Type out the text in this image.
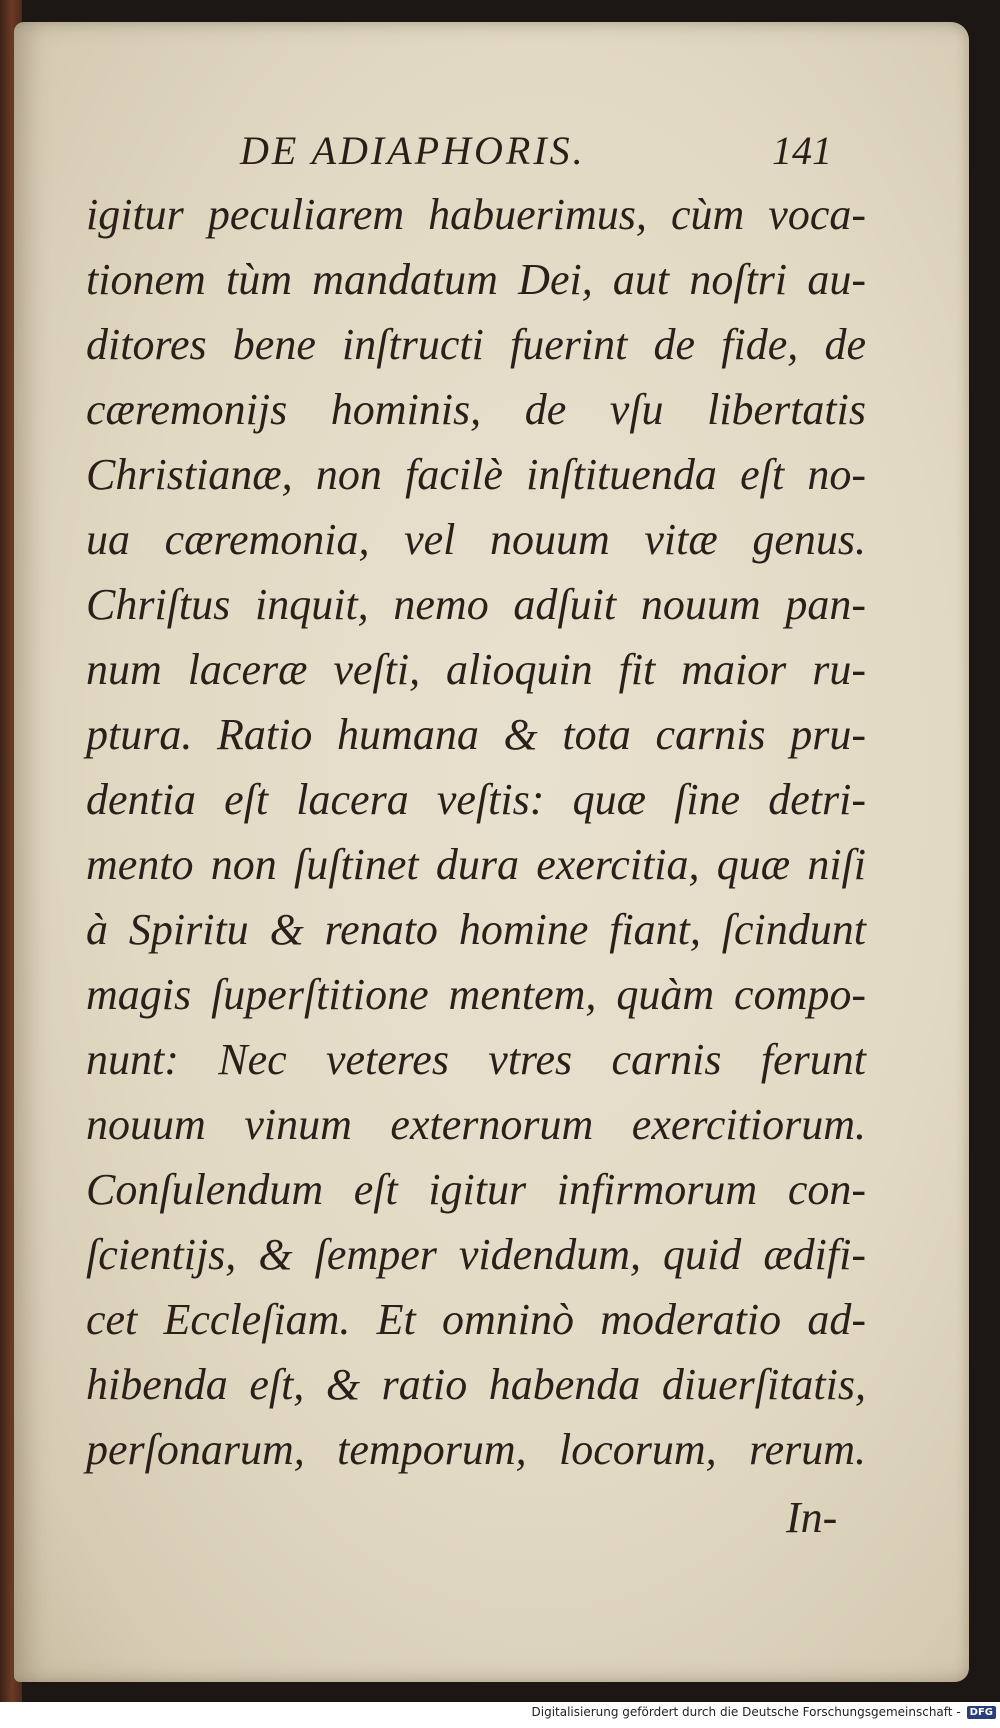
DE ADIAPHORIS.	141
igitur peculiarem habuerimus, cùm voca-
tionem tùm mandatum Dei, aut noſtri au-
ditores bene inſtructi fuerint de fide, de
cæremonijs hominis, de vſu libertatis
Christianæ, non facilè inſtituenda eſt no-
ua cæremonia, vel nouum vitæ genus.
Chriſtus inquit, nemo adſuit nouum pan-
num laceræ veſti, alioquin fit maior ru-
ptura. Ratio humana & tota carnis pru-
dentia eſt lacera veſtis: quæ ſine detri-
mento non ſuſtinet dura exercitia, quæ niſi
à Spiritu & renato homine fiant, ſcindunt
magis ſuperſtitione mentem, quàm compo-
nunt: Nec veteres vtres carnis ferunt
nouum vinum externorum exercitiorum.
Conſulendum eſt igitur infirmorum con-
ſcientijs, & ſemper videndum, quid ædifi-
cet Eccleſiam. Et omninò moderatio ad-
hibenda eſt, & ratio habenda diuerſitatis,
perſonarum, temporum, locorum, rerum.
In-
Digitalisierung gefördert durch die Deutsche Forschungsgemeinschaft - DFG
